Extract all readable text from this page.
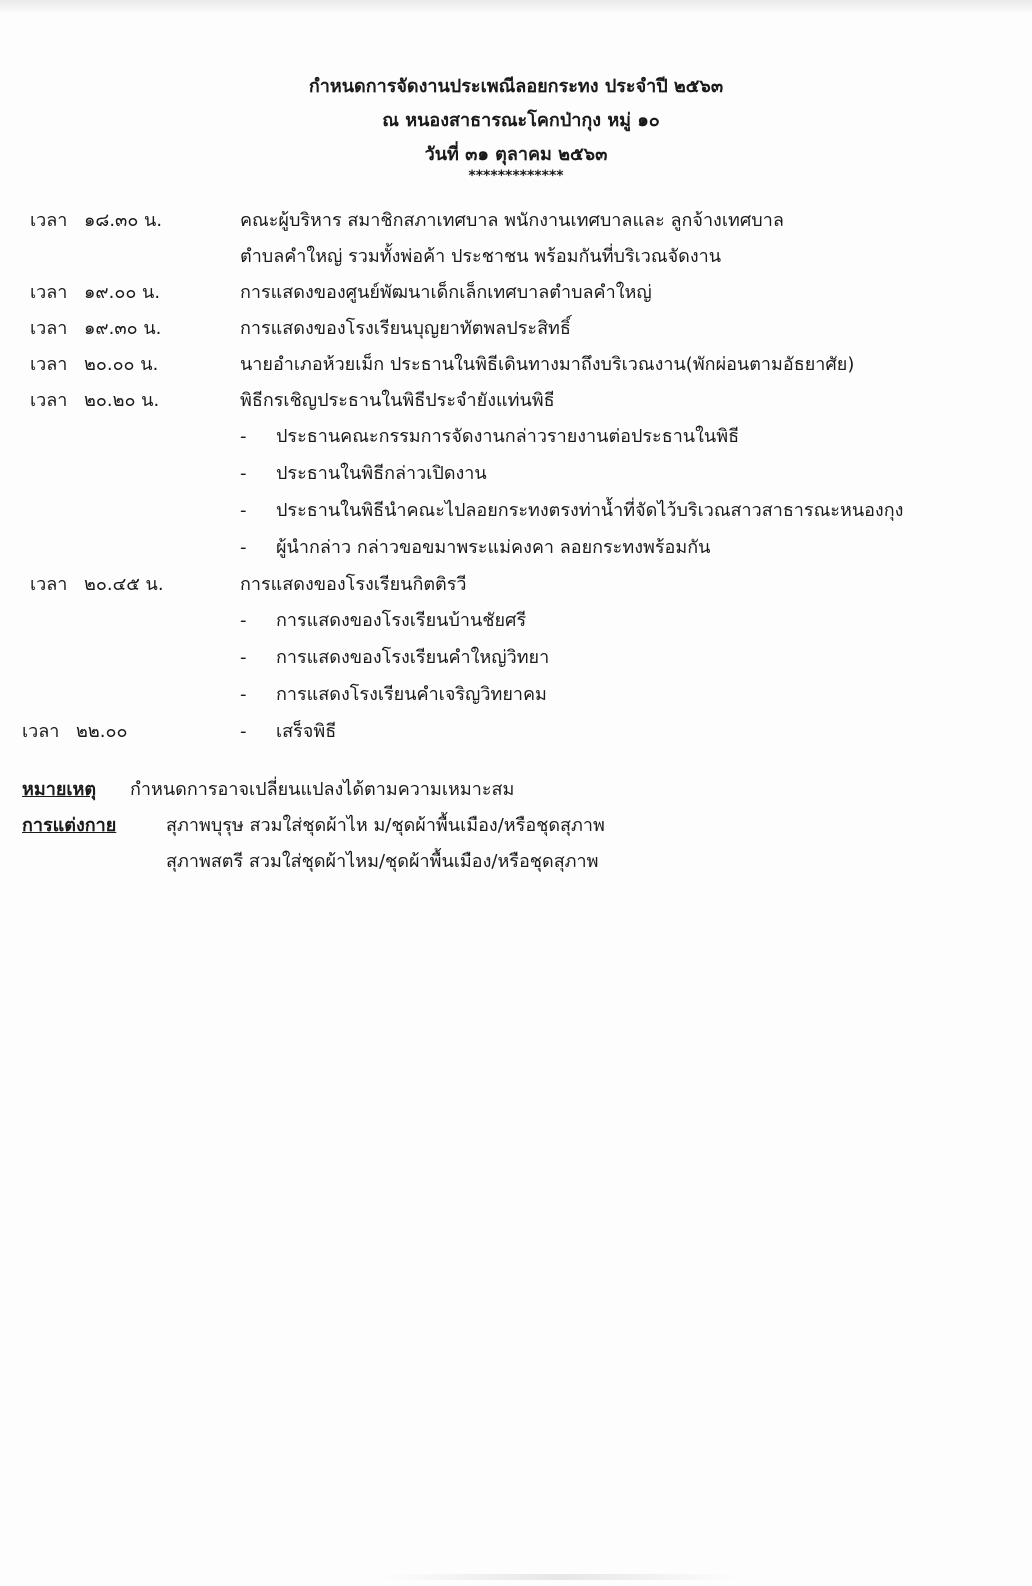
กำหนดการจัดงานประเพณีลอยกระทง ประจำปี ๒๕๖๓

ณ หนองสาธารณะโคกป่ากุง หมู่ ๑๐

วันที่ ๓๑ ตุลาคม ๒๕๖๓

*************

เวลา ๑๘.๓๐ น.	คณะผู้บริหาร สมาชิกสภาเทศบาล พนักงานเทศบาลและ ลูกจ้างเทศบาล
ตำบลคำใหญ่ รวมทั้งพ่อค้า ประชาชน พร้อมกันที่บริเวณจัดงาน
เวลา ๑๙.๐๐ น.	การแสดงของศูนย์พัฒนาเด็กเล็กเทศบาลตำบลคำใหญ่
เวลา ๑๙.๓๐ น.	การแสดงของโรงเรียนบุญยาทัตพลประสิทธิ์
เวลา ๒๐.๐๐ น.	นายอำเภอห้วยเม็ก ประธานในพิธีเดินทางมาถึงบริเวณงาน(พักผ่อนตามอัธยาศัย)
เวลา ๒๐.๒๐ น.	พิธีกรเชิญประธานในพิธีประจำยังแท่นพิธี
- ประธานคณะกรรมการจัดงานกล่าวรายงานต่อประธานในพิธี
- ประธานในพิธีกล่าวเปิดงาน
- ประธานในพิธีนำคณะไปลอยกระทงตรงท่าน้ำที่จัดไว้บริเวณสาวสาธารณะหนองกุง
- ผู้นำกล่าว กล่าวขอขมาพระแม่คงคา ลอยกระทงพร้อมกัน
เวลา ๒๐.๔๕ น.	การแสดงของโรงเรียนกิตติรวี
- การแสดงของโรงเรียนบ้านชัยศรี
- การแสดงของโรงเรียนคำใหญ่วิทยา
- การแสดงโรงเรียนคำเจริญวิทยาคม
เวลา ๒๒.๐๐	- เสร็จพิธี
หมายเหตุ กำหนดการอาจเปลี่ยนแปลงได้ตามความเหมาะสม
การแต่งกาย	สุภาพบุรุษ สวมใส่ชุดผ้าไห ม/ชุดผ้าพื้นเมือง/หรือชุดสุภาพ
สุภาพสตรี สวมใส่ชุดผ้าไหม/ชุดผ้าพื้นเมือง/หรือชุดสุภาพ
